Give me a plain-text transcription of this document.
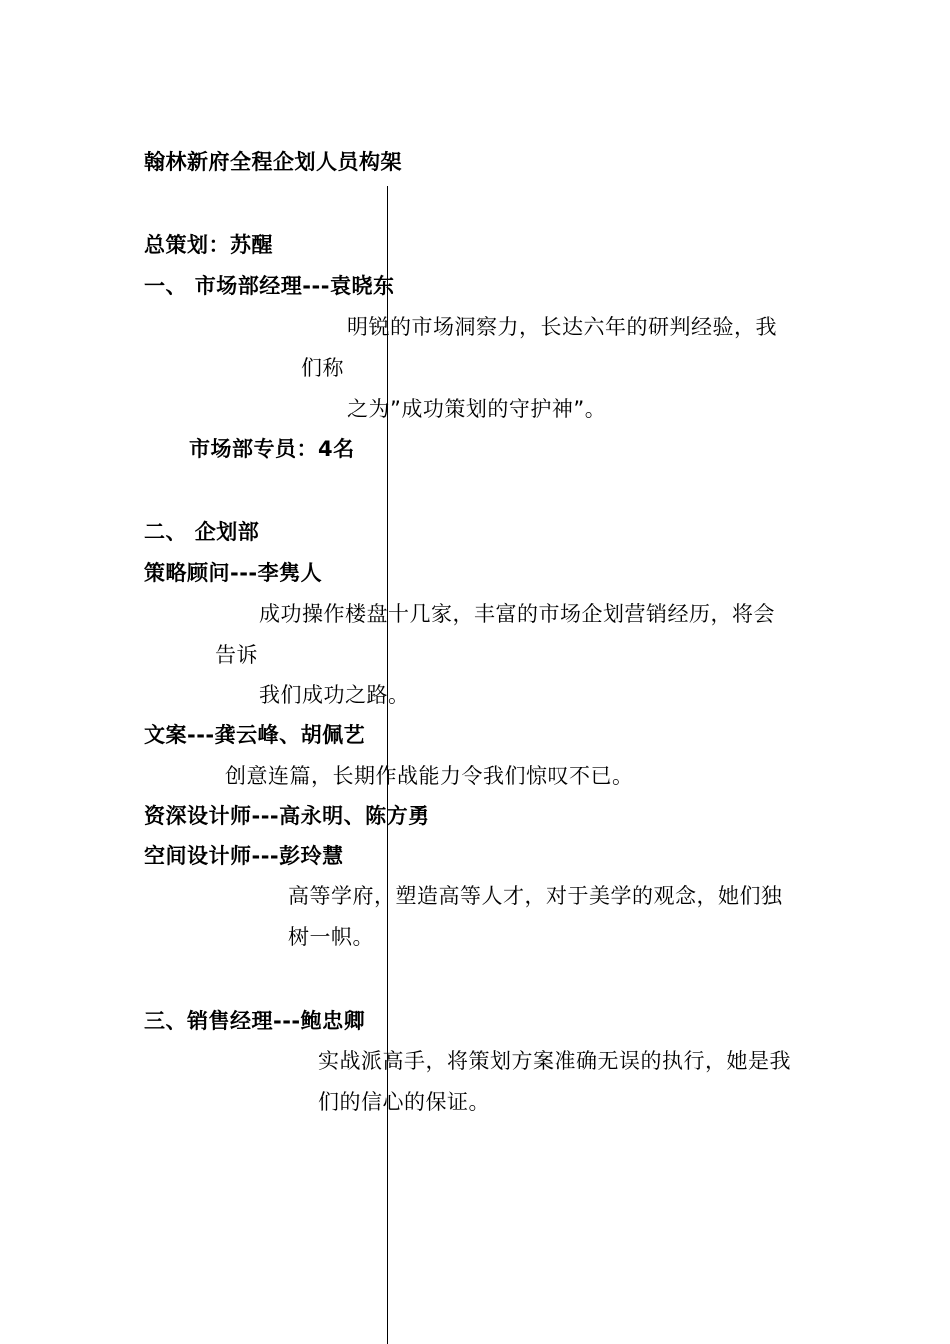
翰林新府全程企划人员构架
总策划：苏醒
一、 市场部经理---袁晓东
明锐的市场洞察力，长达六年的研判经验，我
们称
之为”成功策划的守护神”。
市场部专员：4名
二、 企划部
策略顾问---李隽人
成功操作楼盘十几家，丰富的市场企划营销经历，将会
告诉
我们成功之路。
文案---龚云峰、胡佩艺
创意连篇，长期作战能力令我们惊叹不已。
资深设计师---高永明、陈方勇
空间设计师---彭玲慧
高等学府，塑造高等人才，对于美学的观念，她们独
树一帜。
三、销售经理---鲍忠卿
实战派高手，将策划方案准确无误的执行，她是我
们的信心的保证。
